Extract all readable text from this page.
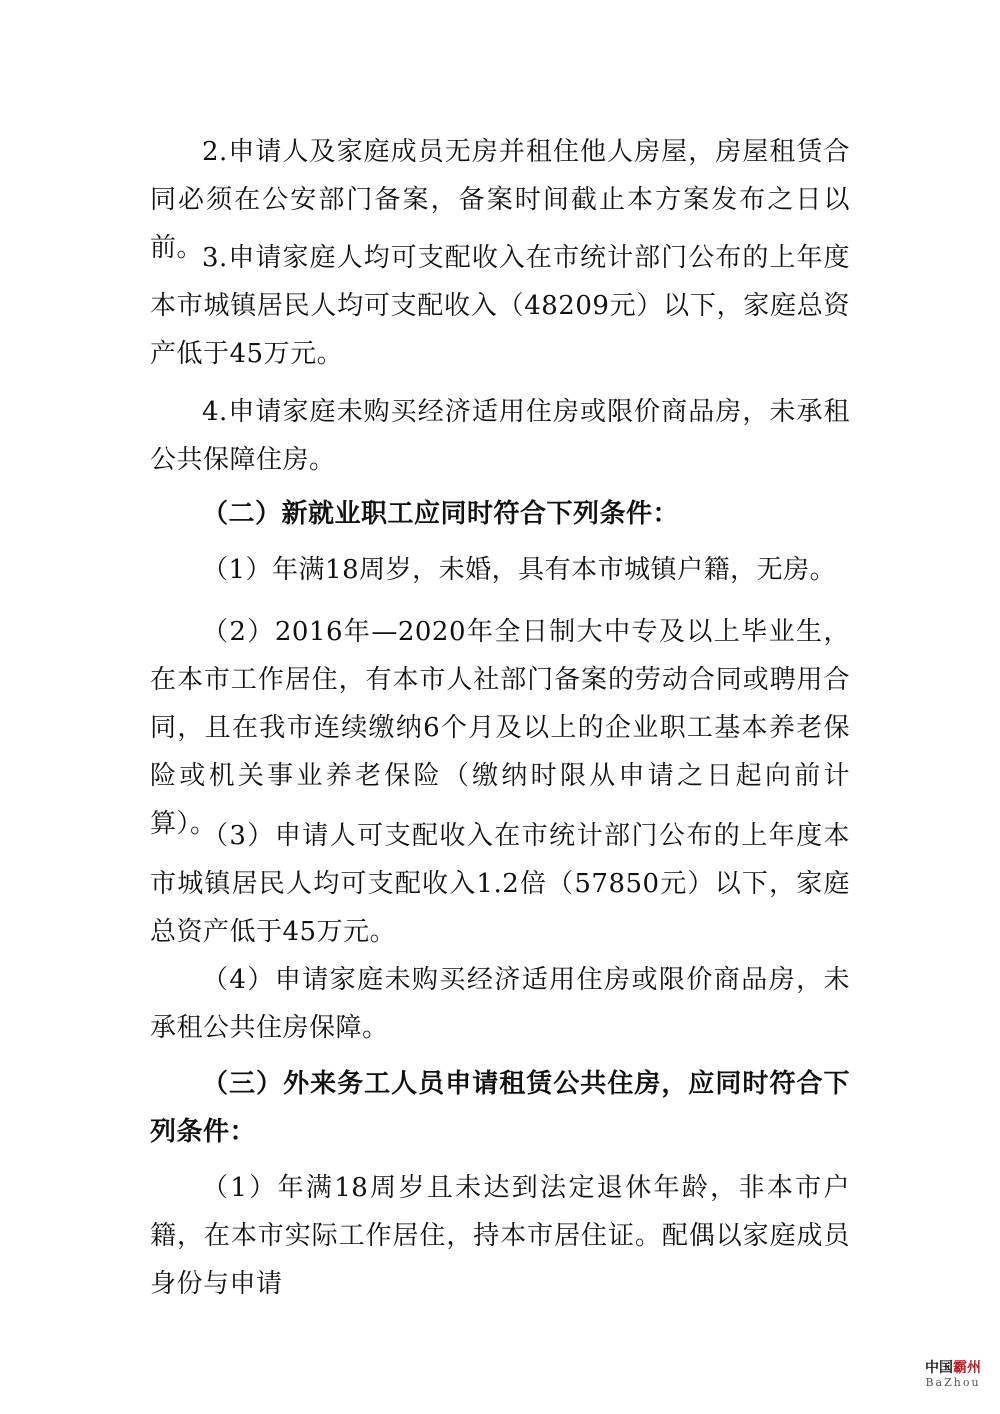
2.申请人及家庭成员无房并租住他人房屋，房屋租赁合同必须在公安部门备案，备案时间截止本方案发布之日以前。

3.申请家庭人均可支配收入在市统计部门公布的上年度本市城镇居民人均可支配收入（48209元）以下，家庭总资产低于45万元。

4.申请家庭未购买经济适用住房或限价商品房，未承租公共保障住房。

（二）新就业职工应同时符合下列条件：

（1）年满18周岁，未婚，具有本市城镇户籍，无房。

（2）2016年—2020年全日制大中专及以上毕业生，在本市工作居住，有本市人社部门备案的劳动合同或聘用合同，且在我市连续缴纳6个月及以上的企业职工基本养老保险或机关事业养老保险（缴纳时限从申请之日起向前计算）。

（3）申请人可支配收入在市统计部门公布的上年度本市城镇居民人均可支配收入1.2倍（57850元）以下，家庭总资产低于45万元。

（4）申请家庭未购买经济适用住房或限价商品房，未承租公共住房保障。

（三）外来务工人员申请租赁公共住房，应同时符合下列条件：

（1）年满18周岁且未达到法定退休年龄，非本市户籍，在本市实际工作居住，持本市居住证。配偶以家庭成员身份与申请

中国霸州
BaZhou
